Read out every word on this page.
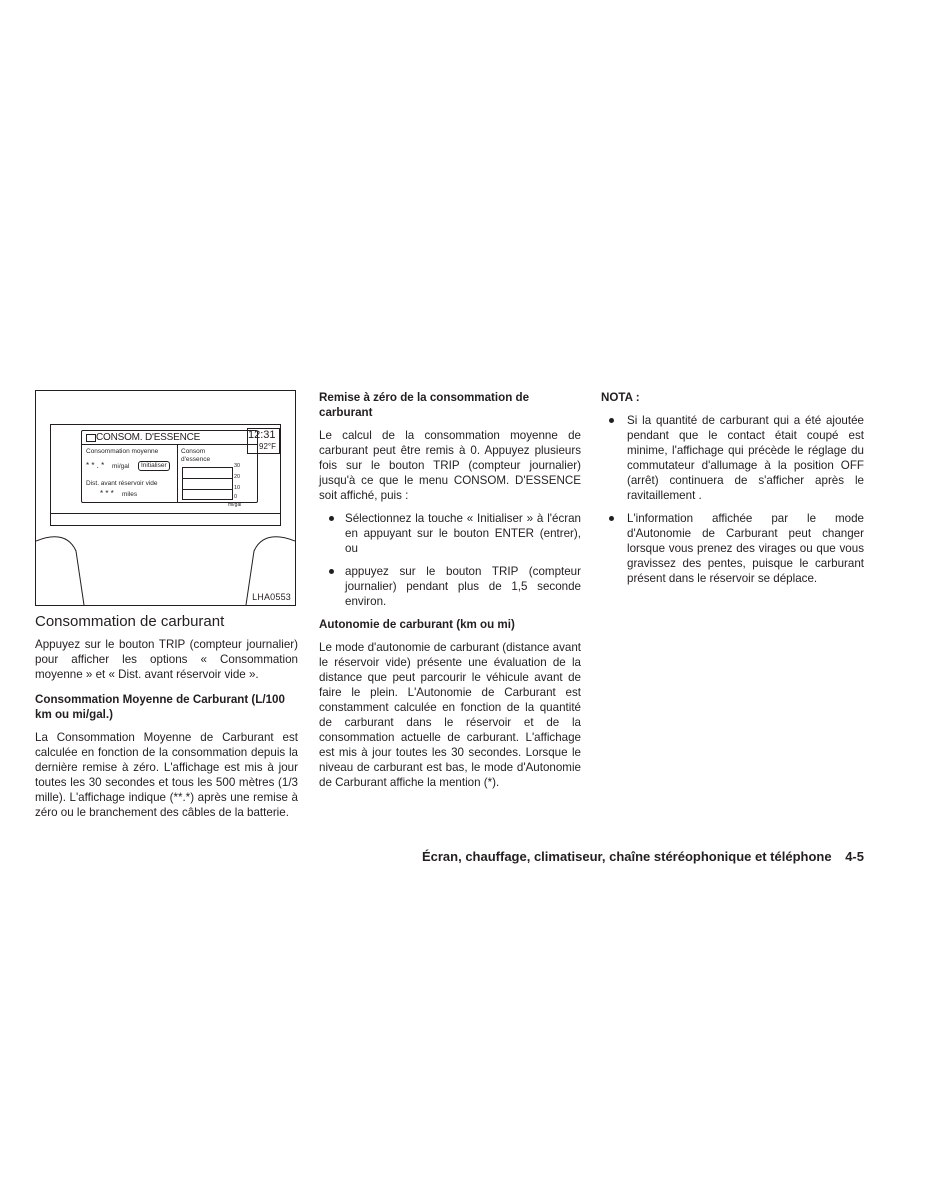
CONSOM. D'ESSENCE
Consommation moyenne
* * . * mi/gal	Initialiser
Dist. avant réservoir vide
* * * miles
Consom
d'essence
30
20
10
0
mi/gal
12:31
92°F
LHA0553
Consommation de carburant

Appuyez sur le bouton TRIP (compteur journalier) pour afficher les options « Consommation moyenne » et « Dist. avant réservoir vide ».

Consommation Moyenne de Carburant (L/100 km ou mi/gal.)

La Consommation Moyenne de Carburant est calculée en fonction de la consommation depuis la dernière remise à zéro. L'affichage est mis à jour toutes les 30 secondes et tous les 500 mètres (1/3 mille). L'affichage indique (**.*) après une remise à zéro ou le branchement des câbles de la batterie.

Remise à zéro de la consommation de carburant

Le calcul de la consommation moyenne de carburant peut être remis à 0. Appuyez plusieurs fois sur le bouton TRIP (compteur journalier) jusqu'à ce que le menu CONSOM. D'ESSENCE soit affiché, puis :

Sélectionnez la touche « Initialiser » à l'écran en appuyant sur le bouton ENTER (entrer), ou
appuyez sur le bouton TRIP (compteur journalier) pendant plus de 1,5 seconde environ.
Autonomie de carburant (km ou mi)

Le mode d'autonomie de carburant (distance avant le réservoir vide) présente une évaluation de la distance que peut parcourir le véhicule avant de faire le plein. L'Autonomie de Carburant est constamment calculée en fonction de la quantité de carburant dans le réservoir et de la consommation actuelle de carburant. L'affichage est mis à jour toutes les 30 secondes. Lorsque le niveau de carburant est bas, le mode d'Autonomie de Carburant affiche la mention (*).

NOTA :
Si la quantité de carburant qui a été ajoutée pendant que le contact était coupé est minime, l'affichage qui précède le réglage du commutateur d'allumage à la position OFF (arrêt) continuera de s'afficher après le ravitaillement .
L'information affichée par le mode d'Autonomie de Carburant peut changer lorsque vous prenez des virages ou que vous gravissez des pentes, puisque le carburant présent dans le réservoir se déplace.
Écran, chauffage, climatiseur, chaîne stéréophonique et téléphone 4-5
